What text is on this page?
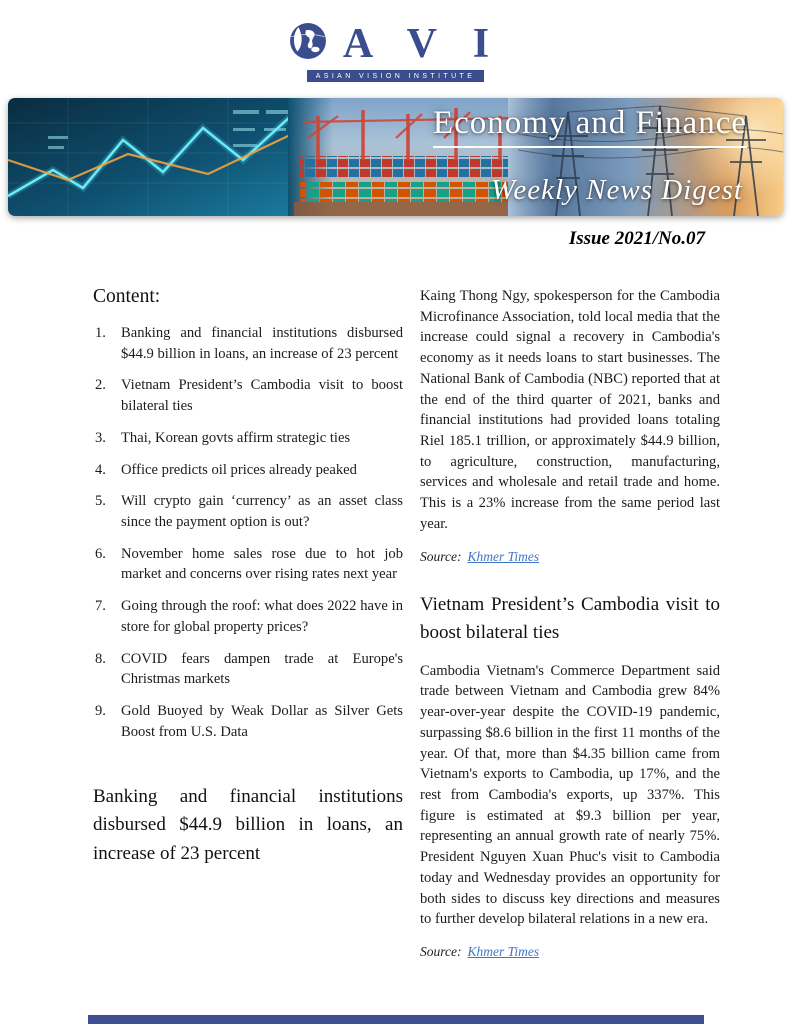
A V I
ASIAN VISION INSTITUTE
Economy and Finance
Weekly News Digest
Issue 2021/No.07
Content:
Banking and financial institutions disbursed $44.9 billion in loans, an increase of 23 percent
Vietnam President’s Cambodia visit to boost bilateral ties
Thai, Korean govts affirm strategic ties
Office predicts oil prices already peaked
Will crypto gain ‘currency’ as an asset class since the payment option is out?
November home sales rose due to hot job market and concerns over rising rates next year
Going through the roof: what does 2022 have in store for global property prices?
COVID fears dampen trade at Europe's Christmas markets
Gold Buoyed by Weak Dollar as Silver Gets Boost from U.S. Data
Banking and financial institutions disbursed $44.9 billion in loans, an increase of 23 percent
Kaing Thong Ngy, spokesperson for the Cambodia Microfinance Association, told local media that the increase could signal a recovery in Cambodia's economy as it needs loans to start businesses. The National Bank of Cambodia (NBC) reported that at the end of the third quarter of 2021, banks and financial institutions had provided loans totaling Riel 185.1 trillion, or approximately $44.9 billion, to agriculture, construction, manufacturing, services and wholesale and retail trade and home. This is a 23% increase from the same period last year.
Source: Khmer Times
Vietnam President’s Cambodia visit to boost bilateral ties
Cambodia Vietnam's Commerce Department said trade between Vietnam and Cambodia grew 84% year-over-year despite the COVID-19 pandemic, surpassing $8.6 billion in the first 11 months of the year. Of that, more than $4.35 billion came from Vietnam's exports to Cambodia, up 17%, and the rest from Cambodia's exports, up 337%. This figure is estimated at $9.3 billion per year, representing an annual growth rate of nearly 75%. President Nguyen Xuan Phuc's visit to Cambodia today and Wednesday provides an opportunity for both sides to discuss key directions and measures to further develop bilateral relations in a new era.
Source: Khmer Times
